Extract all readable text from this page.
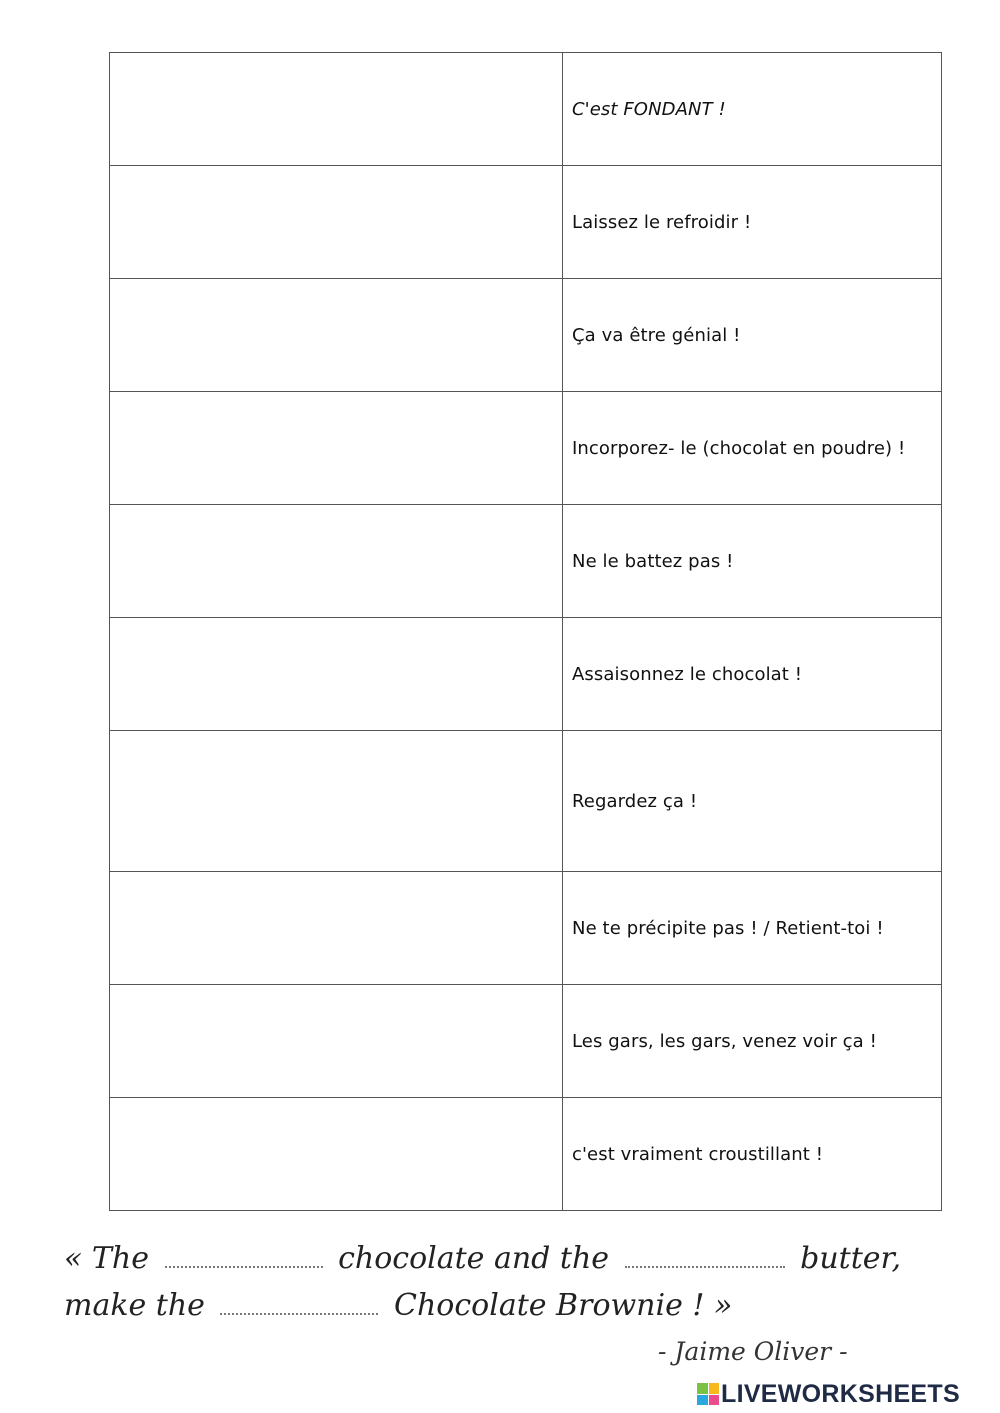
	C'est FONDANT !

	Laissez le refroidir !

	Ça va être génial !

	Incorporez- le (chocolat en poudre) !

	Ne le battez pas !

	Assaisonnez le chocolat !

	Regardez ça !

	Ne te précipite pas ! / Retient-toi !

	Les gars, les gars, venez voir ça !

	c'est vraiment croustillant !
« The	chocolate and the	butter,
make the	Chocolate Brownie ! »
- Jaime Oliver -
LIVEWORKSHEETS
